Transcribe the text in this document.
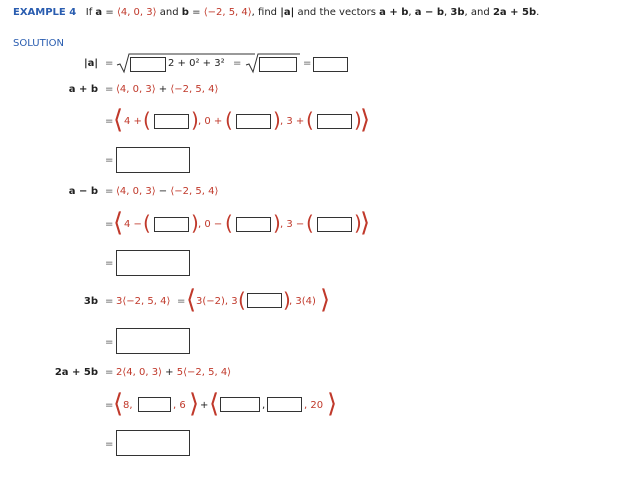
EXAMPLE 4 If a = ⟨4, 0, 3⟩ and b = ⟨−2, 5, 4⟩, find |a| and the vectors a + b, a − b, 3b, and 2a + 5b.
SOLUTION
|a| =	2 + 0² + 3² =	=
a + b = ⟨4, 0, 3⟩ + ⟨−2, 5, 4⟩
= ⟨ 4 + ( ) , 0 + ( ) , 3 + ( )
⟩
=
a − b = ⟨4, 0, 3⟩ − ⟨−2, 5, 4⟩
= ⟨ 4 − ( ) , 0 − ( ) , 3 − ( )
⟩
=
3b = 3⟨−2, 5, 4⟩ = ⟨ 3(−2), 3 ( )
, 3(4) ⟩
=
2a + 5b = 2⟨4, 0, 3⟩ + 5⟨−2, 5, 4⟩
= ⟨ 8,	, 6 ⟩ + ⟨	,	, 20 ⟩
=
